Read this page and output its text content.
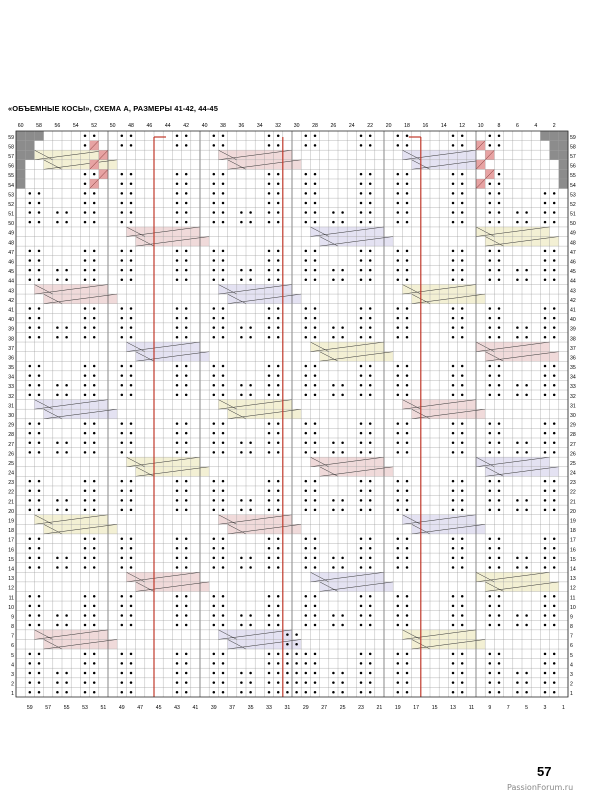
«ОБЪЕМНЫЕ КОСЫ», СХЕМА А, РАЗМЕРЫ 41-42, 44-45
60 58 56 54 52 50 48 46 44 42 40 38 36 34 32 30 28 26 24 22 20 18 16 14 12 10	8	6	4	2
59 57 55 53 51 49 47 45 43 41 39 37 35 33 31 29 27 25 23 21 19 17 15 13 11	9	7	5	3	1
59	59
58	58
57	57
56	56
55	55
54	54
53	53
52	52
51	51
50	50
49	49
48	48
47	47
46	46
45	45
44	44
43	43
42	42
41	41
40	40
39	39
38	38
37	37
36	36
35	35
34	34
33	33
32	32
31	31
30	30
29	29
28	28
27	27
26	26
25	25
24	24
23	23
22	22
21	21
20	20
19	19
18	18
17	17
16	16
15	15
14	14
13	13
12	12
11	11
10	10
9	9
8	8
7	7
6	6
5	5
4	4
3	3
2	2
1	1
57
PassionForum.ru
